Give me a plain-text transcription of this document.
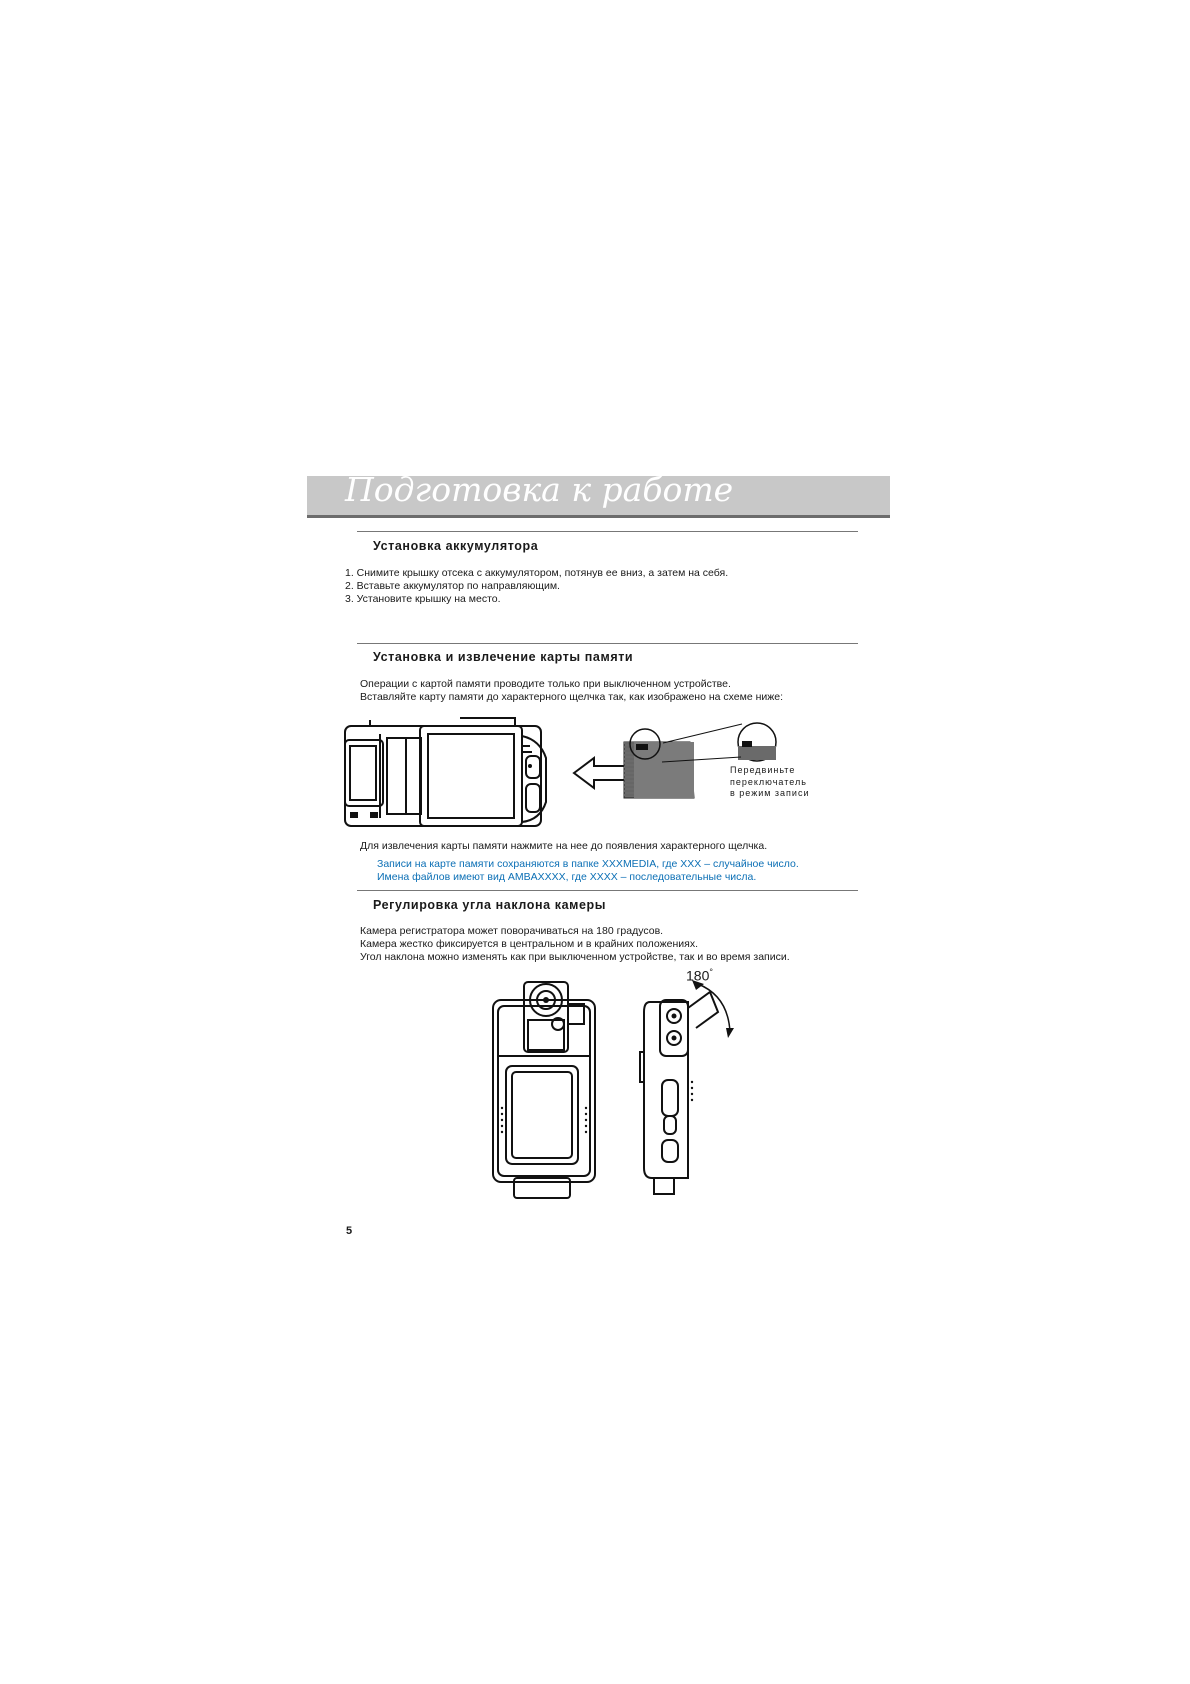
Подготовка к работе
Установка аккумулятора
1. Снимите крышку отсека с аккумулятором, потянув ее вниз, а затем на себя.
2. Вставьте аккумулятор по направляющим.
3. Установите крышку на место.
Установка и извлечение карты памяти
Операции с картой памяти проводите только при выключенном устройстве.
Вставляйте карту памяти до характерного щелчка так, как изображено на схеме ниже:
Передвиньте
переключатель
в режим записи
Для извлечения карты памяти нажмите на нее до появления характерного щелчка.
Записи на карте памяти сохраняются в папке XXXMEDIA, где XXX – случайное число.
Имена файлов имеют вид AMBAXXXX, где XXXX – последовательные числа.
Регулировка угла наклона камеры
Камера регистратора может поворачиваться на 180 градусов.
Камера жестко фиксируется в центральном и в крайних положениях.
Угол наклона можно изменять как при выключенном устройстве, так и во время записи.
180°
5
